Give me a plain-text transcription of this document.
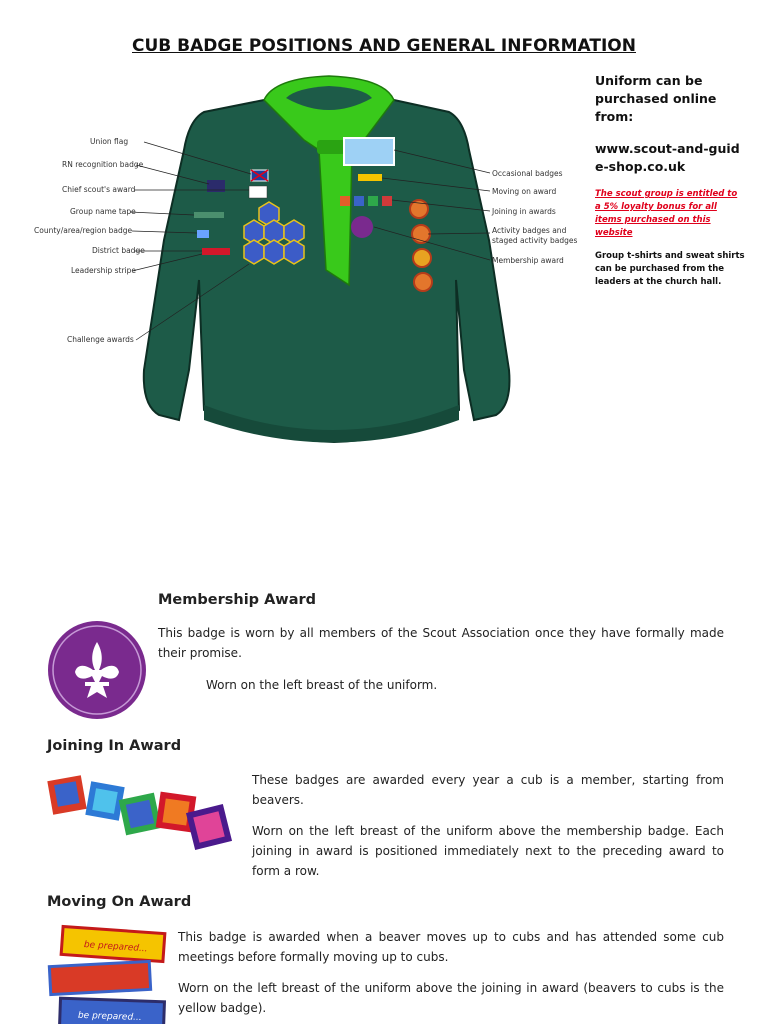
CUB BADGE POSITIONS AND GENERAL INFORMATION
Union flag
RN recognition badge
Chief scout's award
Group name tape
County/area/region badge
District badge
Leadership stripe
Challenge awards
Occasional badges
Moving on award
Joining in awards
Activity badges and
staged activity badges
Membership award

Uniform can be purchased online from:

www.scout-and-guide-shop.co.uk

The scout group is entitled to a 5% loyalty bonus for all items purchased on this website

Group t-shirts and sweat shirts can be purchased from the leaders at the church hall.

Membership Award

This badge is worn by all members of the Scout Association once they have formally made their promise.

Worn on the left breast of the uniform.

Joining In Award

These badges are awarded every year a cub is a member, starting from beavers.

Worn on the left breast of the uniform above the membership badge. Each joining in award is positioned immediately next to the preceding award to form a row.

Moving On Award
be prepared...
be prepared...

This badge is awarded when a beaver moves up to cubs and has attended some cub meetings before formally moving up to cubs.

Worn on the left breast of the uniform above the joining in award (beavers to cubs is the yellow badge).
